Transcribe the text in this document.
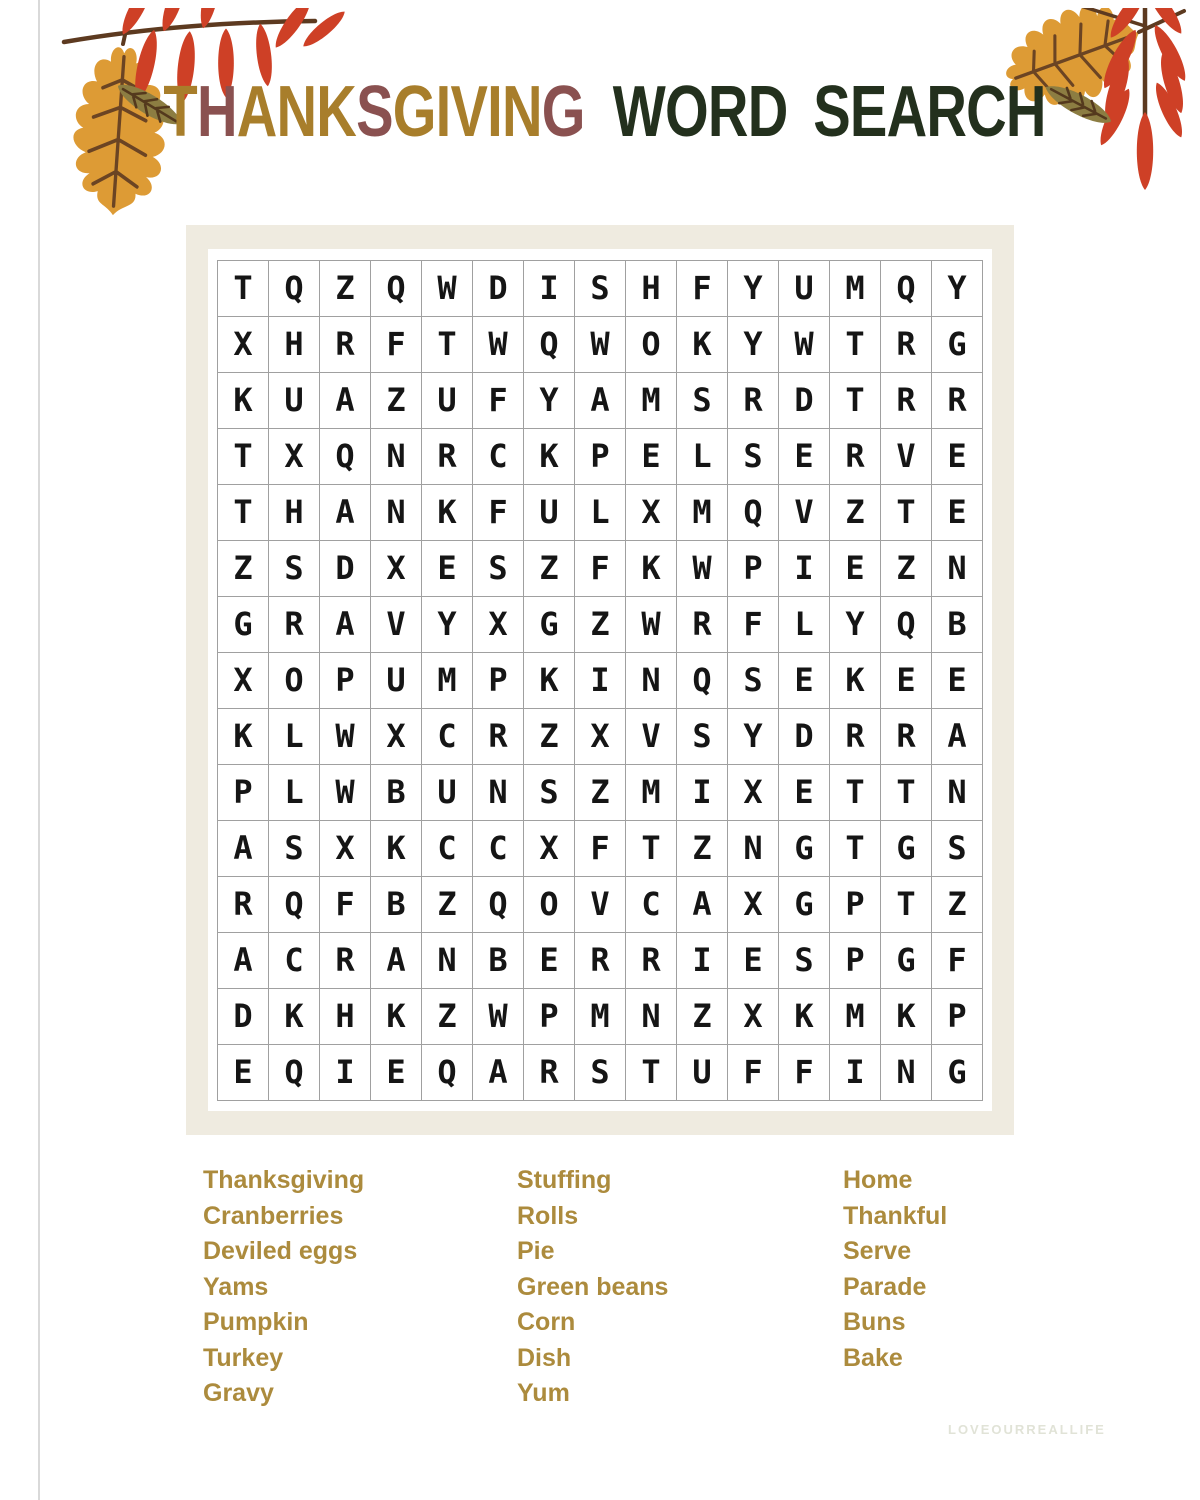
THANKSGIVING WORD SEARCH
T	Q	Z	Q	W	D	I	S	H	F	Y	U	M	Q	Y
X	H	R	F	T	W	Q	W	O	K	Y	W	T	R	G
K	U	A	Z	U	F	Y	A	M	S	R	D	T	R	R
T	X	Q	N	R	C	K	P	E	L	S	E	R	V	E
T	H	A	N	K	F	U	L	X	M	Q	V	Z	T	E
Z	S	D	X	E	S	Z	F	K	W	P	I	E	Z	N
G	R	A	V	Y	X	G	Z	W	R	F	L	Y	Q	B
X	O	P	U	M	P	K	I	N	Q	S	E	K	E	E
K	L	W	X	C	R	Z	X	V	S	Y	D	R	R	A
P	L	W	B	U	N	S	Z	M	I	X	E	T	T	N
A	S	X	K	C	C	X	F	T	Z	N	G	T	G	S
R	Q	F	B	Z	Q	O	V	C	A	X	G	P	T	Z
A	C	R	A	N	B	E	R	R	I	E	S	P	G	F
D	K	H	K	Z	W	P	M	N	Z	X	K	M	K	P
E	Q	I	E	Q	A	R	S	T	U	F	F	I	N	G
Thanksgiving
Cranberries
Deviled eggs
Yams
Pumpkin
Turkey
Gravy
Stuffing
Rolls
Pie
Green beans
Corn
Dish
Yum
Home
Thankful
Serve
Parade
Buns
Bake
LOVEOURREALLIFE
